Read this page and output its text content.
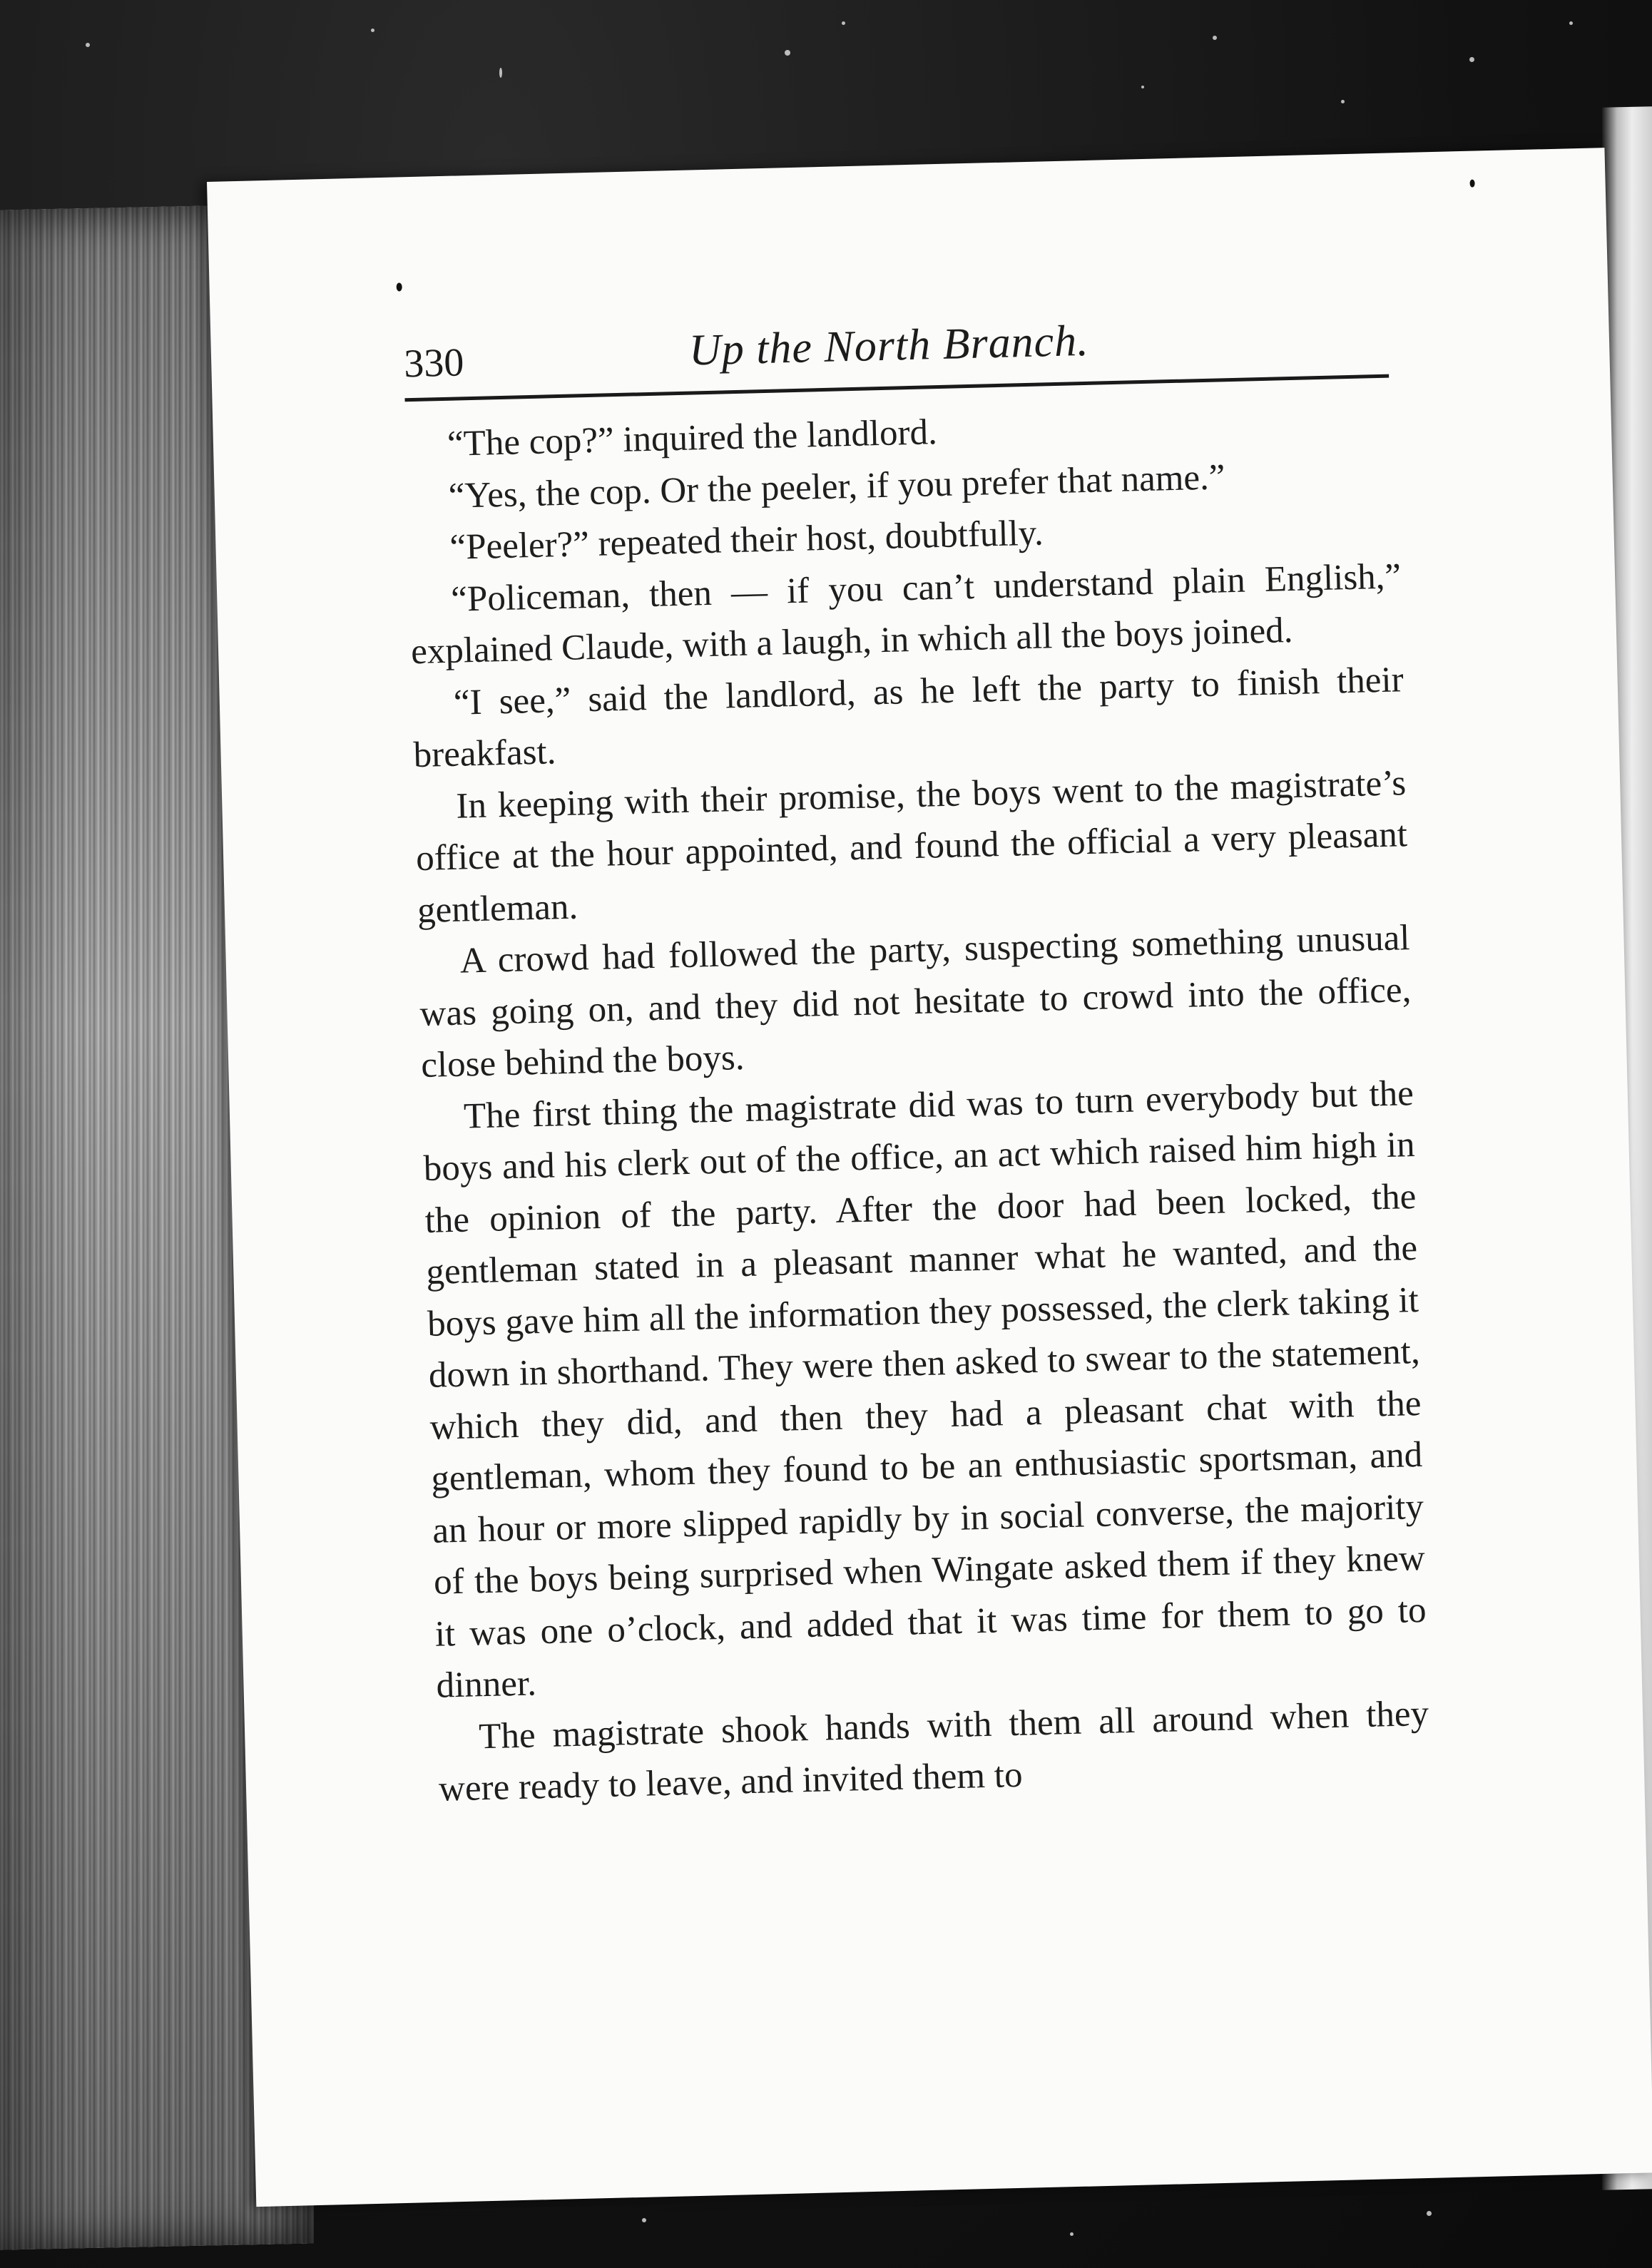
330	Up the North Branch.

“The cop?” inquired the landlord.

“Yes, the cop. Or the peeler, if you prefer that name.”

“Peeler?” repeated their host, doubtfully.

“Policeman, then — if you can’t understand plain English,” explained Claude, with a laugh, in which all the boys joined.

“I see,” said the landlord, as he left the party to finish their breakfast.

In keeping with their promise, the boys went to the magistrate’s office at the hour appointed, and found the official a very pleasant gentleman.

A crowd had followed the party, suspecting something unusual was going on, and they did not hesitate to crowd into the office, close behind the boys.

The first thing the magistrate did was to turn everybody but the boys and his clerk out of the office, an act which raised him high in the opinion of the party. After the door had been locked, the gentleman stated in a pleasant manner what he wanted, and the boys gave him all the information they possessed, the clerk taking it down in shorthand. They were then asked to swear to the statement, which they did, and then they had a pleasant chat with the gentleman, whom they found to be an enthusiastic sportsman, and an hour or more slipped rapidly by in social converse, the majority of the boys being surprised when Wingate asked them if they knew it was one o’clock, and added that it was time for them to go to dinner.

The magistrate shook hands with them all around when they were ready to leave, and invited them to
